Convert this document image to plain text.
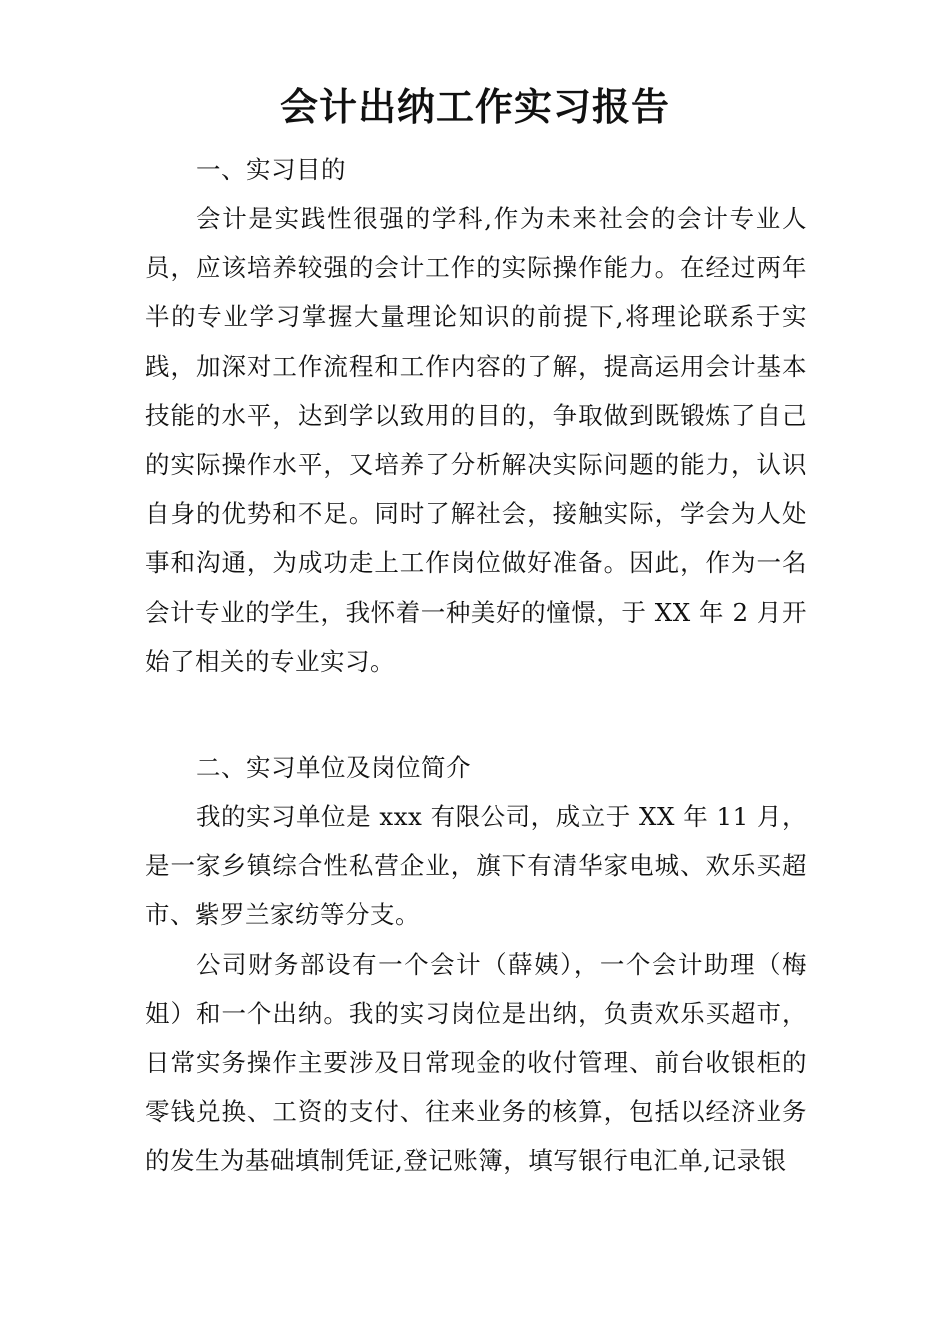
会计出纳工作实习报告
一、实习目的

会计是实践性很强的学科,作为未来社会的会计专业人员，应该培养较强的会计工作的实际操作能力。在经过两年半的专业学习掌握大量理论知识的前提下,将理论联系于实践，加深对工作流程和工作内容的了解，提高运用会计基本技能的水平，达到学以致用的目的，争取做到既锻炼了自己的实际操作水平，又培养了分析解决实际问题的能力，认识自身的优势和不足。同时了解社会，接触实际，学会为人处事和沟通，为成功走上工作岗位做好准备。因此，作为一名会计专业的学生，我怀着一种美好的憧憬，于 XX 年 2 月开始了相关的专业实习。

二、实习单位及岗位简介

我的实习单位是 xxx 有限公司，成立于 XX 年 11 月，是一家乡镇综合性私营企业，旗下有清华家电城、欢乐买超市、紫罗兰家纺等分支。

公司财务部设有一个会计（薛姨），一个会计助理（梅姐）和一个出纳。我的实习岗位是出纳，负责欢乐买超市，日常实务操作主要涉及日常现金的收付管理、前台收银柜的零钱兑换、工资的支付、往来业务的核算，包括以经济业务的发生为基础填制凭证,登记账簿，填写银行电汇单,记录银
